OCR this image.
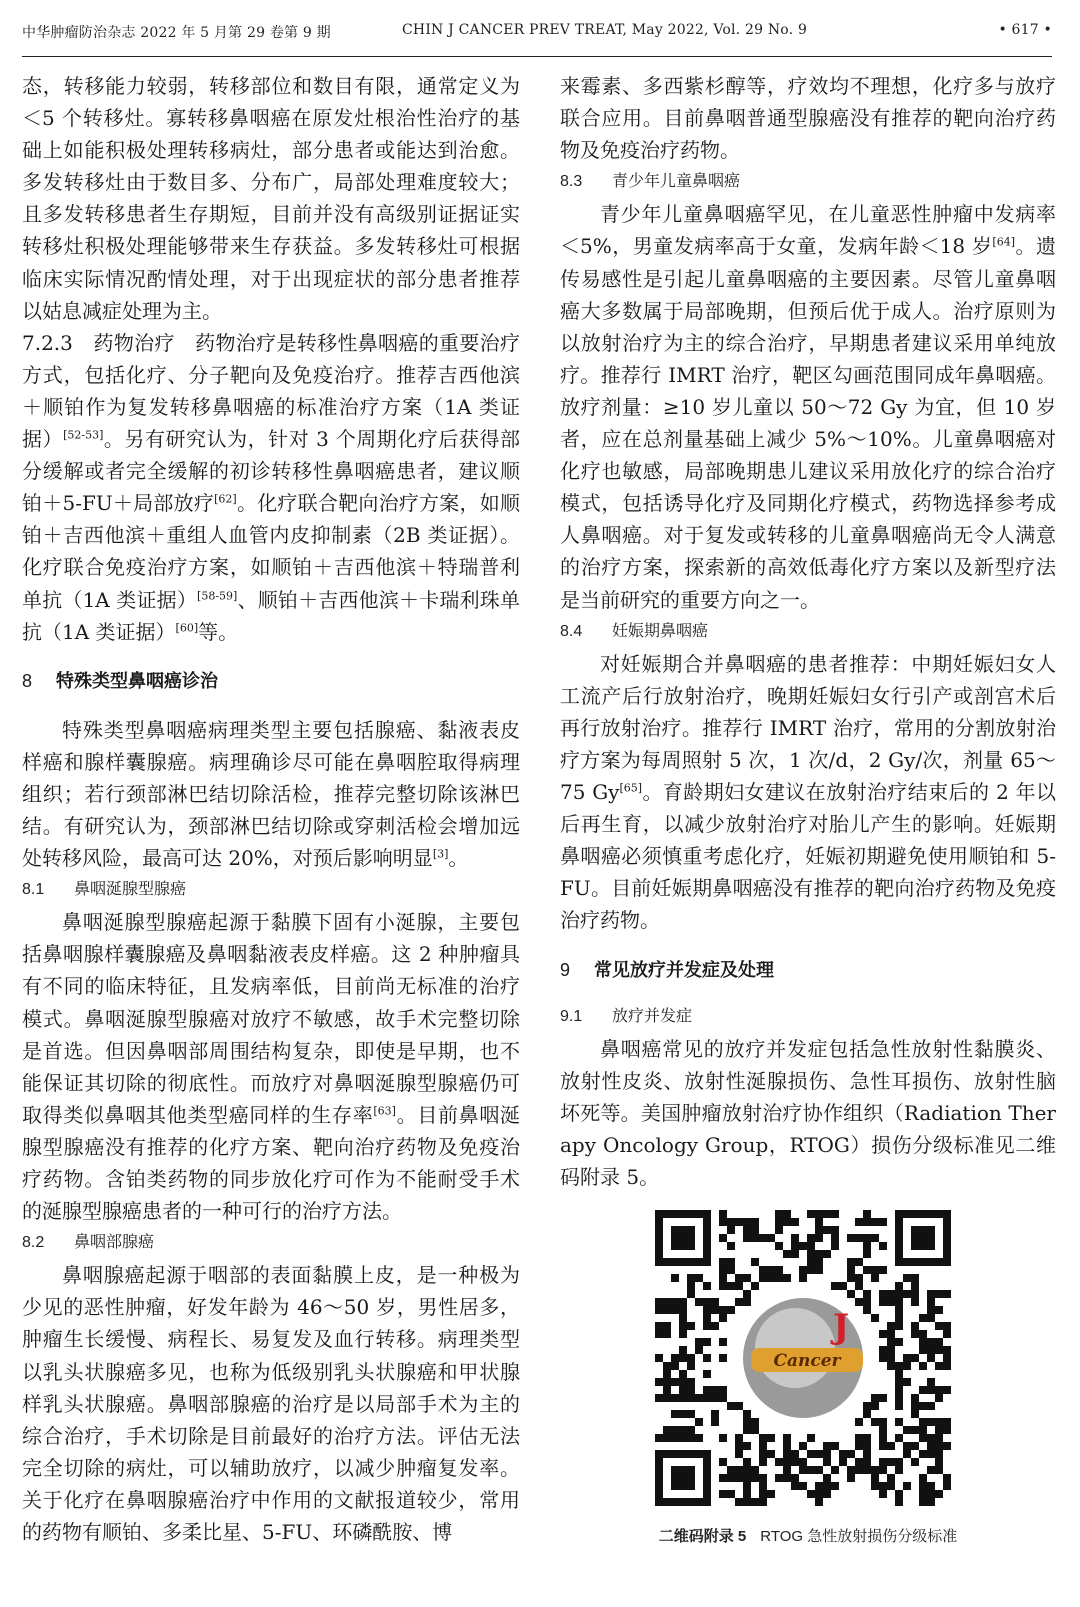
中华肿瘤防治杂志 2022 年 5 月第 29 卷第 9 期	CHIN J CANCER PREV TREAT, May 2022, Vol. 29 No. 9	• 617 •

态，转移能力较弱，转移部位和数目有限，通常定义为＜5 个转移灶。寡转移鼻咽癌在原发灶根治性治疗的基础上如能积极处理转移病灶，部分患者或能达到治愈。多发转移灶由于数目多、分布广，局部处理难度较大；且多发转移患者生存期短，目前并没有高级别证据证实转移灶积极处理能够带来生存获益。多发转移灶可根据临床实际情况酌情处理，对于出现症状的部分患者推荐以姑息减症处理为主。

7.2.3　药物治疗　药物治疗是转移性鼻咽癌的重要治疗方式，包括化疗、分子靶向及免疫治疗。推荐吉西他滨＋顺铂作为复发转移鼻咽癌的标准治疗方案（1A 类证据）[52-53]。另有研究认为，针对 3 个周期化疗后获得部分缓解或者完全缓解的初诊转移性鼻咽癌患者，建议顺铂＋5-FU＋局部放疗[62]。化疗联合靶向治疗方案，如顺铂＋吉西他滨＋重组人血管内皮抑制素（2B 类证据）。化疗联合免疫治疗方案，如顺铂＋吉西他滨＋特瑞普利单抗（1A 类证据）[58-59]、顺铂＋吉西他滨＋卡瑞利珠单抗（1A 类证据）[60]等。

8 特殊类型鼻咽癌诊治

特殊类型鼻咽癌病理类型主要包括腺癌、黏液表皮样癌和腺样囊腺癌。病理确诊尽可能在鼻咽腔取得病理组织；若行颈部淋巴结切除活检，推荐完整切除该淋巴结。有研究认为，颈部淋巴结切除或穿刺活检会增加远处转移风险，最高可达 20%，对预后影响明显[3]。

8.1 鼻咽涎腺型腺癌

鼻咽涎腺型腺癌起源于黏膜下固有小涎腺，主要包括鼻咽腺样囊腺癌及鼻咽黏液表皮样癌。这 2 种肿瘤具有不同的临床特征，且发病率低，目前尚无标准的治疗模式。鼻咽涎腺型腺癌对放疗不敏感，故手术完整切除是首选。但因鼻咽部周围结构复杂，即使是早期，也不能保证其切除的彻底性。而放疗对鼻咽涎腺型腺癌仍可取得类似鼻咽其他类型癌同样的生存率[63]。目前鼻咽涎腺型腺癌没有推荐的化疗方案、靶向治疗药物及免疫治疗药物。含铂类药物的同步放化疗可作为不能耐受手术的涎腺型腺癌患者的一种可行的治疗方法。

8.2 鼻咽部腺癌

鼻咽腺癌起源于咽部的表面黏膜上皮，是一种极为少见的恶性肿瘤，好发年龄为 46～50 岁，男性居多，肿瘤生长缓慢、病程长、易复发及血行转移。病理类型以乳头状腺癌多见，也称为低级别乳头状腺癌和甲状腺样乳头状腺癌。鼻咽部腺癌的治疗是以局部手术为主的综合治疗，手术切除是目前最好的治疗方法。评估无法完全切除的病灶，可以辅助放疗，以减少肿瘤复发率。关于化疗在鼻咽腺癌治疗中作用的文献报道较少，常用的药物有顺铂、多柔比星、5-FU、环磷酰胺、博

来霉素、多西紫杉醇等，疗效均不理想，化疗多与放疗联合应用。目前鼻咽普通型腺癌没有推荐的靶向治疗药物及免疫治疗药物。

8.3 青少年儿童鼻咽癌

青少年儿童鼻咽癌罕见，在儿童恶性肿瘤中发病率＜5%，男童发病率高于女童，发病年龄＜18 岁[64]。遗传易感性是引起儿童鼻咽癌的主要因素。尽管儿童鼻咽癌大多数属于局部晚期，但预后优于成人。治疗原则为以放射治疗为主的综合治疗，早期患者建议采用单纯放疗。推荐行 IMRT 治疗，靶区勾画范围同成年鼻咽癌。放疗剂量：≥10 岁儿童以 50～72 Gy 为宜，但 10 岁者，应在总剂量基础上减少 5%～10%。儿童鼻咽癌对化疗也敏感，局部晚期患儿建议采用放化疗的综合治疗模式，包括诱导化疗及同期化疗模式，药物选择参考成人鼻咽癌。对于复发或转移的儿童鼻咽癌尚无令人满意的治疗方案，探索新的高效低毒化疗方案以及新型疗法是当前研究的重要方向之一。

8.4 妊娠期鼻咽癌

对妊娠期合并鼻咽癌的患者推荐：中期妊娠妇女人工流产后行放射治疗，晚期妊娠妇女行引产或剖宫术后再行放射治疗。推荐行 IMRT 治疗，常用的分割放射治疗方案为每周照射 5 次，1 次/d，2 Gy/次，剂量 65～75 Gy[65]。育龄期妇女建议在放射治疗结束后的 2 年以后再生育，以减少放射治疗对胎儿产生的影响。妊娠期鼻咽癌必须慎重考虑化疗，妊娠初期避免使用顺铂和 5-FU。目前妊娠期鼻咽癌没有推荐的靶向治疗药物及免疫治疗药物。

9 常见放疗并发症及处理

9.1 放疗并发症

鼻咽癌常见的放疗并发症包括急性放射性黏膜炎、放射性皮炎、放射性涎腺损伤、急性耳损伤、放射性脑坏死等。美国肿瘤放射治疗协作组织（Radiation Therapy Oncology Group，RTOG）损伤分级标准见二维码附录 5。

J
Cancer
二维码附录 5 RTOG 急性放射损伤分级标准
